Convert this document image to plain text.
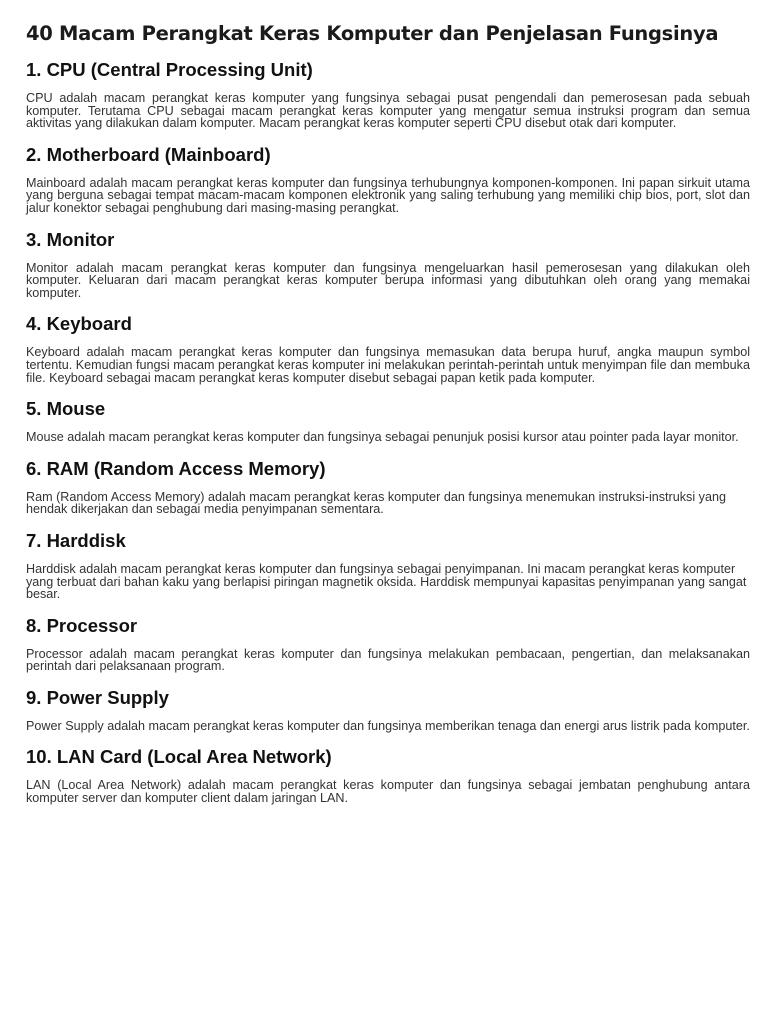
40 Macam Perangkat Keras Komputer dan Penjelasan Fungsinya
1. CPU (Central Processing Unit)

CPU adalah macam perangkat keras komputer yang fungsinya sebagai pusat pengendali dan pemerosesan pada sebuah komputer. Terutama CPU sebagai macam perangkat keras komputer yang mengatur semua instruksi program dan semua aktivitas yang dilakukan dalam komputer. Macam perangkat keras komputer seperti CPU disebut otak dari komputer.

2. Motherboard (Mainboard)

Mainboard adalah macam perangkat keras komputer dan fungsinya terhubungnya komponen-komponen. Ini papan sirkuit utama yang berguna sebagai tempat macam-macam komponen elektronik yang saling terhubung yang memiliki chip bios, port, slot dan jalur konektor sebagai penghubung dari masing-masing perangkat.

3. Monitor

Monitor adalah macam perangkat keras komputer dan fungsinya mengeluarkan hasil pemerosesan yang dilakukan oleh komputer. Keluaran dari macam perangkat keras komputer berupa informasi yang dibutuhkan oleh orang yang memakai komputer.

4. Keyboard

Keyboard adalah macam perangkat keras komputer dan fungsinya memasukan data berupa huruf, angka maupun symbol tertentu. Kemudian fungsi macam perangkat keras komputer ini melakukan perintah-perintah untuk menyimpan file dan membuka file. Keyboard sebagai macam perangkat keras komputer disebut sebagai papan ketik pada komputer.

5. Mouse

Mouse adalah macam perangkat keras komputer dan fungsinya sebagai penunjuk posisi kursor atau pointer pada layar monitor.

6. RAM (Random Access Memory)

Ram (Random Access Memory) adalah macam perangkat keras komputer dan fungsinya menemukan instruksi-instruksi yang hendak dikerjakan dan sebagai media penyimpanan sementara.

7. Harddisk

Harddisk adalah macam perangkat keras komputer dan fungsinya sebagai penyimpanan. Ini macam perangkat keras komputer yang terbuat dari bahan kaku yang berlapisi piringan magnetik oksida. Harddisk mempunyai kapasitas penyimpanan yang sangat besar.

8. Processor

Processor adalah macam perangkat keras komputer dan fungsinya melakukan pembacaan, pengertian, dan melaksanakan perintah dari pelaksanaan program.

9. Power Supply

Power Supply adalah macam perangkat keras komputer dan fungsinya memberikan tenaga dan energi arus listrik pada komputer.

10. LAN Card (Local Area Network)

LAN (Local Area Network) adalah macam perangkat keras komputer dan fungsinya sebagai jembatan penghubung antara komputer server dan komputer client dalam jaringan LAN.
